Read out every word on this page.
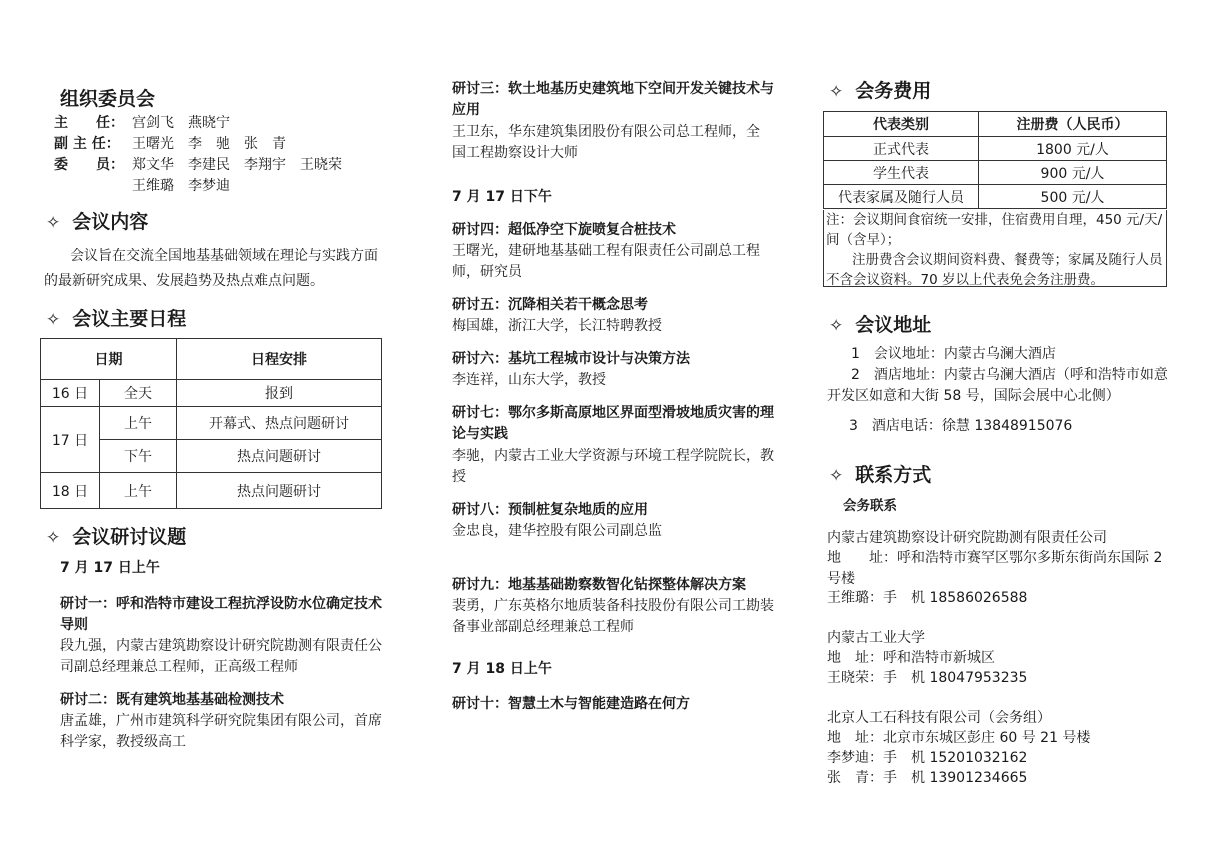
组织委员会
主　　任： 宫剑飞　燕晓宁
副 主 任： 王曙光　李　驰　张　青
委　　员： 郑文华　李建民　李翔宇　王晓荣
王维璐　李梦迪
✧ 会议内容
会议旨在交流全国地基基础领域在理论与实践方面的最新研究成果、发展趋势及热点难点问题。
✧ 会议主要日程
日期		日程安排
16 日	全天	报到
17 日	上午	开幕式、热点问题研讨
	下午	热点问题研讨
18 日	上午	热点问题研讨
✧ 会议研讨议题
7 月 17 日上午
研讨一：呼和浩特市建设工程抗浮设防水位确定技术导则
段九强，内蒙古建筑勘察设计研究院勘测有限责任公司副总经理兼总工程师，正高级工程师
研讨二：既有建筑地基基础检测技术
唐孟雄，广州市建筑科学研究院集团有限公司，首席科学家，教授级高工
研讨三：软土地基历史建筑地下空间开发关键技术与应用
王卫东，华东建筑集团股份有限公司总工程师，全国工程勘察设计大师
7 月 17 日下午
研讨四：超低净空下旋喷复合桩技术
王曙光，建研地基基础工程有限责任公司副总工程师，研究员
研讨五：沉降相关若干概念思考
梅国雄，浙江大学，长江特聘教授
研讨六：基坑工程城市设计与决策方法
李连祥，山东大学，教授
研讨七：鄂尔多斯高原地区界面型滑坡地质灾害的理论与实践
李驰，内蒙古工业大学资源与环境工程学院院长，教授
研讨八：预制桩复杂地质的应用
金忠良，建华控股有限公司副总监
研讨九：地基基础勘察数智化钻探整体解决方案
裴勇，广东英格尔地质装备科技股份有限公司工勘装备事业部副总经理兼总工程师
7 月 18 日上午
研讨十：智慧土木与智能建造路在何方
✧ 会务费用
代表类别	注册费（人民币）
正式代表	1800 元/人
学生代表	900 元/人
代表家属及随行人员	500 元/人
注：会议期间食宿统一安排，住宿费用自理，450 元/天/间（含早）；
注册费含会议期间资料费、餐费等；家属及随行人员不含会议资料。70 岁以上代表免会务注册费。
✧ 会议地址
1　会议地址：内蒙古乌澜大酒店
2　酒店地址：内蒙古乌澜大酒店（呼和浩特市如意开发区如意和大街 58 号，国际会展中心北侧）
3　酒店电话：徐慧 13848915076
✧ 联系方式
会务联系
内蒙古建筑勘察设计研究院勘测有限责任公司
地　　址：呼和浩特市赛罕区鄂尔多斯东街尚东国际 2 号楼
王维璐：手　机 18586026588
内蒙古工业大学
地　址：呼和浩特市新城区
王晓荣：手　机 18047953235
北京人工石科技有限公司（会务组）
地　址：北京市东城区彭庄 60 号 21 号楼
李梦迪：手　机 15201032162
张　青：手　机 13901234665
